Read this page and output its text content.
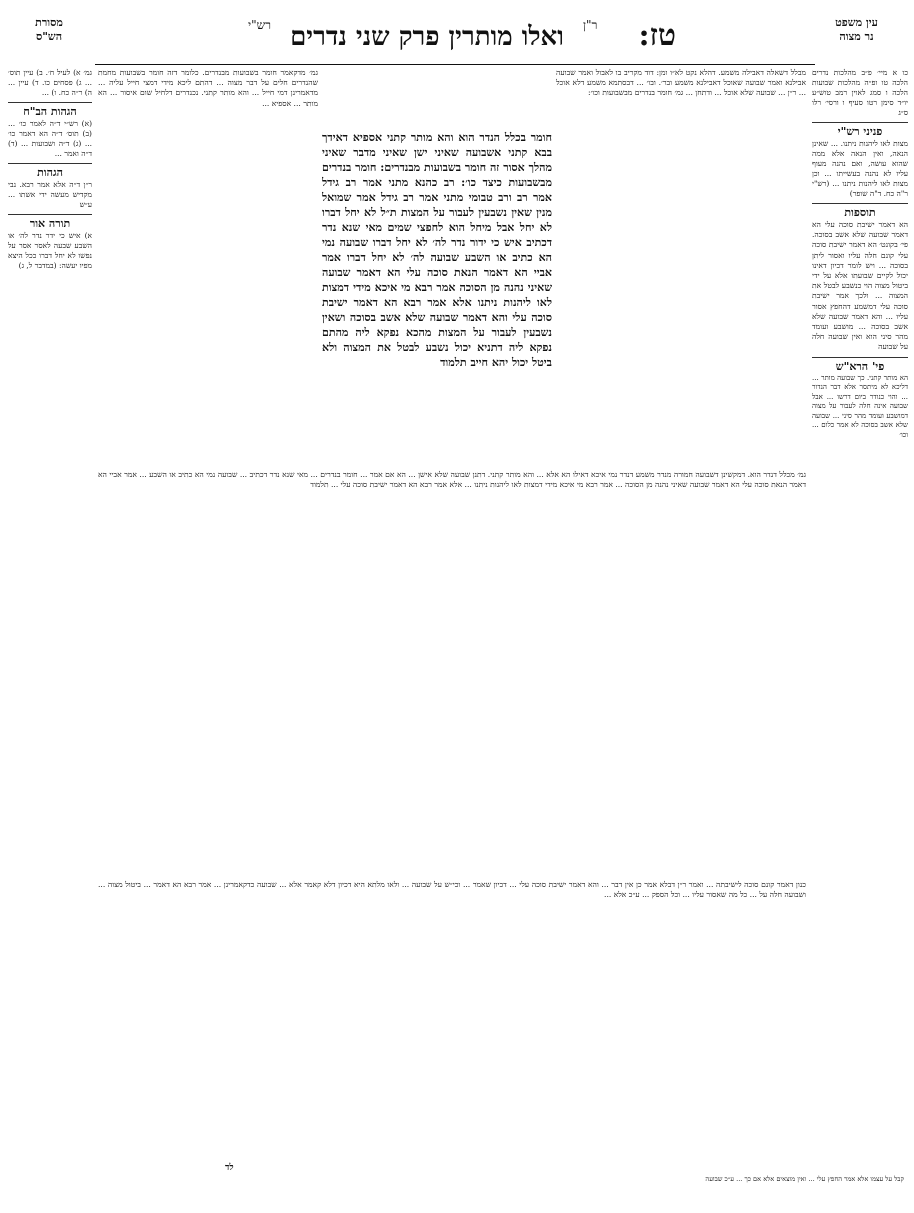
מסורת
הש"ס	טז: $^{ר"ן}$ ואלו מותרין פרק שני נדרים $^{רש"י}$	עין משפט
נר מצוה
כו א מיי׳ פ״ב מהלכות נדרים הלכה טו ופ״ה מהלכות שבועות הלכה ו סמג לאוין רמב טוש״ע יו״ד סימן רטו סעיף ו ורסי׳ רלו ס״ג
פניני רש"י
מצות לאו ליהנות ניתנו. ... שאינן הנאה, ואין הנאה אלא ממה שהוא עושה, ואם נהנה מעוף עליו לא נהנה בעשייתו ... וכן מצות לאו ליהנות ניתנו ... (רש"י ר"ה כח. ד"ה שופר)
תוספות
הא דאמר ישיבת סוכה עלי הא דאמר שבועה שלא אשב בסוכה. פי׳ בקונט׳ הא דאמר ישיבת סוכה עלי קונם חלה עליו ואסור ליתן בסוכה ... ויש לומר דכיון דאינו יכול לקיים שבועתו אלא על ידי ביטול מצוה הוי כנשבע לבטל את המצוה ... ולכך אמר ישיבת סוכה עלי דמשמע דהחפץ אסור עליו ... והא דאמר שבועה שלא אשב בסוכה ... מושבע ועומד מהר סיני הוא ואין שבועה חלה על שבועה
פי' הרא"ש
הא מותר קתני. כך שבועה מותר ... דליכא לא מיתסר אלא דבר הנדור ... והוי כנודר ביום דרשו ... אבל שבועה אינה חלה לעבור על מצוה דמושבע ועומד מהר סיני ... שבועה שלא אשב בסוכה לא אמר כלום ... וכו׳
גמ׳ א) לעיל ח׳. ב) עיין תוס׳ ... ג) פסחים כו. ד) עיין ... ה) ר״ה כח. ו) ...
הגהות הב"ח
(א) רש״י ד״ה לאמר כו׳ ... (ב) תוס׳ ד״ה הא דאמר כו׳ ... (ג) ד״ה ושבועות ... (ד) ד״ה ואמר ...
הגהות
ר״ן ד״ה אלא אמר רבא. נבי מקדיש מעשה ידי אשתו ... ע״ש
תורה אור
א) איש כי ידר נדר לה׳ או השבע שבעה לאסר אסר על נפשו לא יחל דברו ככל היצא מפיו יעשה: (במדבר ל, ג)
גמ׳ מדקאמר חומר בשבועות מבנדרים. כלומר דזה חומר בשבועות מחמת שהנדרים חלים על דבר מצוה ... דהתם ליכא מידי דמצי חייל עליה ... מדאמרינן דמי חייל ... והא מותר קתני. נכנדרים דלחיל שום איסור ... הא מותר ... אספיא ...
מבלל דשאלה דאבילה משמע. דהלא נקט לא״ו ומן: דוד מקריב בו לאבול ואמר שבועה אבילנא ואמר שבועה שאוכל דאבילנא משמע ובר׳. ובו׳ ... דבסתמא משמע דלא אוכל ... ר״ן ... שבועה שלא אוכל ... ודתחן ... גמ׳ חומר בנדרים מבשבועות וכו׳:
חומר בכלל הנדר הוא והא מותר קתני אספיא דאידך בבא קתני אשבועה שאיני ישן שאיני מדבר שאיני מהלך אסור זה חומר בשבועות מבנדרים: חומר בנדרים מבשבועות כיצד כו׳: רב כהנא מתני אמר רב גידל אמר רב ורב טבומי מתני אמר רב גידל אמר שמואל מנין שאין נשבעין לעבור על המצות ת״ל לא יחל דברו לא יחל אבל מיחל הוא לחפצי שמים מאי שנא נדר דכתיב איש כי ידור נדר לה׳ לא יחל דברו שבועה נמי הא כתיב או השבע שבועה לה׳ לא יחל דברו אמר אביי הא דאמר הנאת סוכה עלי הא דאמר שבועה שאיני נהנה מן הסוכה אמר רבא מי איכא מידי דמצות לאו ליהנות ניתנו אלא אמר רבא הא דאמר ישיבת סוכה עלי והא דאמר שבועה שלא אשב בסוכה ושאין נשבעין לעבור על המצות מהכא נפקא ליה מהתם נפקא ליה דתניא יכול נשבע לבטל את המצוה ולא ביטל יכול יהא חייב תלמוד
גמ׳ מכלל דנדר הוא. דמקשינן דשבועה חמורה מנדר משמע דנדר נמי איכא דאילו הא אלא ... והא מותר קתני. דתנן שבועה שלא אישן ... הא אם אמר ... חומר בנדרים ... מאי שנא נדר דכתיב ... שבועה נמי הא כתיב או השבע ... אמר אביי הא דאמר הנאת סוכה עלי הא דאמר שבועה שאיני נהנה מן הסוכה ... אמר רבא מי איכא מידי דמצות לאו ליהנות ניתנו ... אלא אמר רבא הא דאמר ישיבת סוכה עלי ... תלמוד
כנון דאמר קונם סוכה לישיבתה ... ואמר ר״ן דבלא אמר כן אין דבר ... והא דאמר ישיבת סוכה עלי ... דכיון שאמר ... וכי״ש על שבועה ... ולאו מלתא היא דכיון דלא קאמר אלא ... שבועה כדקאמרינן ... אמר רבא הא דאמר ... ביטול מצוה ... ושבועה חלה על ... כל מה שאסור עליו ... וכל הספק ... ע״כ אלא ...
לד
קבל על עצמו אלא אמר החפץ עלי ... ואין מוצאים אלא אם כך ... ע״כ שבועה
